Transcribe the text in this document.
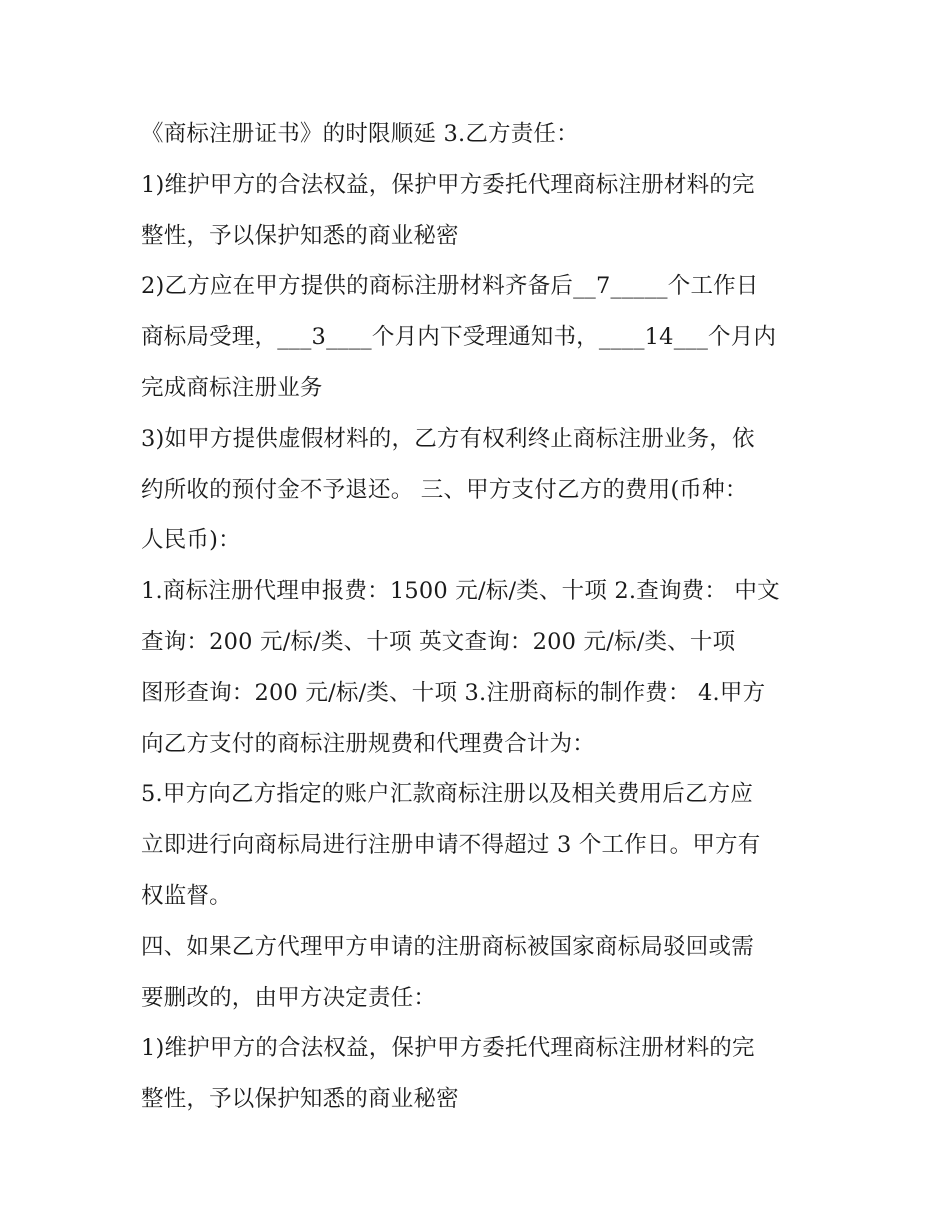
《商标注册证书》的时限顺延 3.乙方责任：
1)维护甲方的合法权益，保护甲方委托代理商标注册材料的完
整性，予以保护知悉的商业秘密
2)乙方应在甲方提供的商标注册材料齐备后__7_____个工作日
商标局受理，___3____个月内下受理通知书，____14___个月内
完成商标注册业务
3)如甲方提供虚假材料的，乙方有权利终止商标注册业务，依
约所收的预付金不予退还。 三、甲方支付乙方的费用(币种：
人民币)：
1.商标注册代理申报费：1500 元/标/类、十项 2.查询费： 中文
查询：200 元/标/类、十项 英文查询：200 元/标/类、十项
图形查询：200 元/标/类、十项 3.注册商标的制作费： 4.甲方
向乙方支付的商标注册规费和代理费合计为：
5.甲方向乙方指定的账户汇款商标注册以及相关费用后乙方应
立即进行向商标局进行注册申请不得超过 3 个工作日。甲方有
权监督。
四、如果乙方代理甲方申请的注册商标被国家商标局驳回或需
要删改的，由甲方决定责任：
1)维护甲方的合法权益，保护甲方委托代理商标注册材料的完
整性，予以保护知悉的商业秘密
